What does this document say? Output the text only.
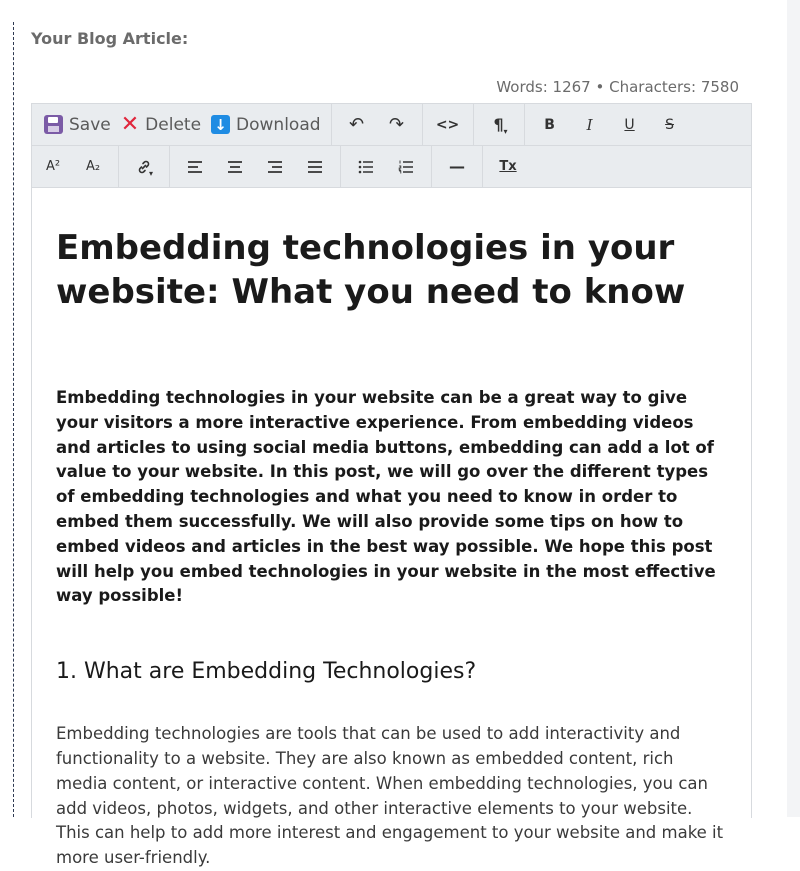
Your Blog Article:
Words: 1267 • Characters: 7580
Save ✕ Delete ↓ Download ↶ ↷ <> ¶ ▾	B I U S
A² A₂	▾	—	Tx
Embedding technologies in your website: What you need to know

Embedding technologies in your website can be a great way to give your visitors a more interactive experience. From embedding videos and articles to using social media buttons, embedding can add a lot of value to your website. In this post, we will go over the different types of embedding technologies and what you need to know in order to embed them successfully. We will also provide some tips on how to embed videos and articles in the best way possible. We hope this post will help you embed technologies in your website in the most effective way possible!

1. What are Embedding Technologies?

Embedding technologies are tools that can be used to add interactivity and functionality to a website. They are also known as embedded content, rich media content, or interactive content. When embedding technologies, you can add videos, photos, widgets, and other interactive elements to your website. This can help to add more interest and engagement to your website and make it more user-friendly.
